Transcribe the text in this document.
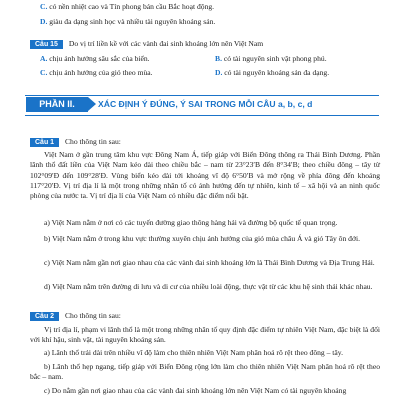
C. có nền nhiệt cao và Tín phong bán cầu Bắc hoạt động.
D. giàu đa dạng sinh học và nhiều tài nguyên khoáng sản.
Câu 15 Do vị trí liền kề với các vành đai sinh khoáng lớn nên Việt Nam
A. chịu ảnh hưởng sâu sắc của biển.	B. có tài nguyên sinh vật phong phú.
C. chịu ảnh hưởng của gió theo mùa.	D. có tài nguyên khoáng sản đa dạng.
PHẦN II.	XÁC ĐỊNH Ý ĐÚNG, Ý SAI TRONG MỖI CÂU a, b, c, d
Câu 1 Cho thông tin sau:
Việt Nam ở gần trung tâm khu vực Đông Nam Á, tiếp giáp với Biển Đông thông ra Thái Bình Dương. Phần lãnh thổ đất liền của Việt Nam kéo dài theo chiều bắc – nam từ 23°23′B đến 8°34′B; theo chiều đông – tây từ 102°09′Đ đến 109°28′Đ. Vùng biển kéo dài tới khoảng vĩ độ 6°50′B và mở rộng về phía đông đến khoảng 117°20′Đ. Vị trí địa lí là một trong những nhân tố có ảnh hưởng đến tự nhiên, kinh tế – xã hội và an ninh quốc phòng của nước ta. Vị trí địa lí của Việt Nam có nhiều đặc điểm nổi bật.
a) Việt Nam nằm ở nơi có các tuyến đường giao thông hàng hải và đường bộ quốc tế quan trọng.
b) Việt Nam nằm ở trong khu vực thường xuyên chịu ảnh hưởng của gió mùa châu Á và gió Tây ôn đới.
c) Việt Nam nằm gần nơi giao nhau của các vành đai sinh khoáng lớn là Thái Bình Dương và Địa Trung Hải.
d) Việt Nam nằm trên đường di lưu và di cư của nhiều loài động, thực vật từ các khu hệ sinh thái khác nhau.
Câu 2 Cho thông tin sau:
Vị trí địa lí, phạm vi lãnh thổ là một trong những nhân tố quy định đặc điểm tự nhiên Việt Nam, đặc biệt là đối với khí hậu, sinh vật, tài nguyên khoáng sản.
a) Lãnh thổ trải dài trên nhiều vĩ độ làm cho thiên nhiên Việt Nam phân hoá rõ rệt theo đông – tây.
b) Lãnh thổ hẹp ngang, tiếp giáp với Biển Đông rộng lớn làm cho thiên nhiên Việt Nam phân hoá rõ rệt theo bắc – nam.
c) Do nằm gần nơi giao nhau của các vành đai sinh khoáng lớn nên Việt Nam có tài nguyên khoáng
